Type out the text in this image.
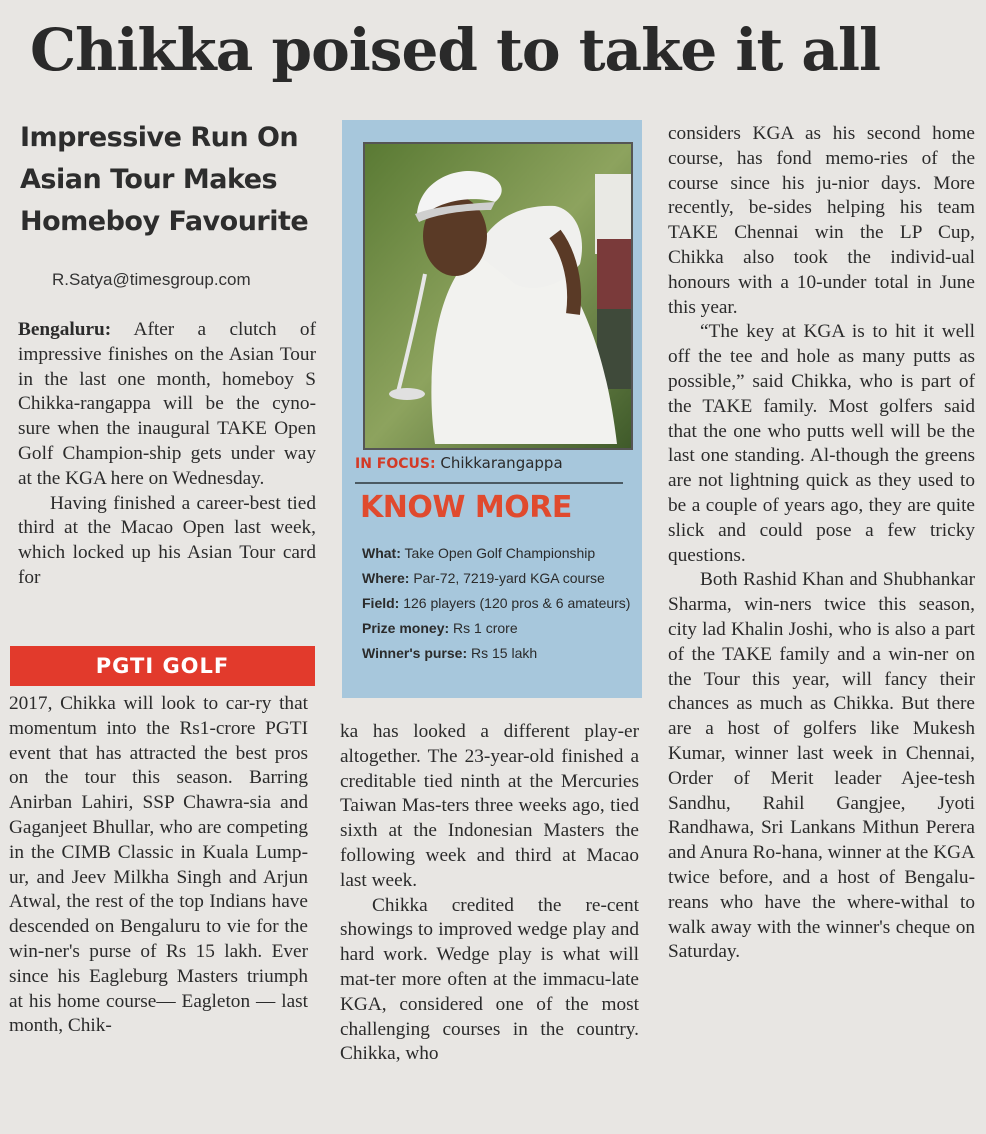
Chikka poised to take it all
Impressive Run On
Asian Tour Makes
Homeboy Favourite
R.Satya@timesgroup.com

Bengaluru: After a clutch of impressive finishes on the Asian Tour in the last one month, homeboy S Chikka-rangappa will be the cyno-sure when the inaugural TAKE Open Golf Champion-ship gets under way at the KGA here on Wednesday.

Having finished a career-best tied third at the Macao Open last week, which locked up his Asian Tour card for

PGTI GOLF

2017, Chikka will look to car-ry that momentum into the Rs1-crore PGTI event that has attracted the best pros on the tour this season. Barring Anirban Lahiri, SSP Chawra-sia and Gaganjeet Bhullar, who are competing in the CIMB Classic in Kuala Lump-ur, and Jeev Milkha Singh and Arjun Atwal, the rest of the top Indians have descended on Bengaluru to vie for the win-ner's purse of Rs 15 lakh. Ever since his Eagleburg Masters triumph at his home course— Eagleton — last month, Chik-

IN FOCUS: Chikkarangappa
KNOW MORE
What: Take Open Golf Championship
Where: Par-72, 7219-yard KGA course
Field: 126 players (120 pros & 6 amateurs)
Prize money: Rs 1 crore
Winner's purse: Rs 15 lakh

ka has looked a different play-er altogether. The 23-year-old finished a creditable tied ninth at the Mercuries Taiwan Mas-ters three weeks ago, tied sixth at the Indonesian Masters the following week and third at Macao last week.

Chikka credited the re-cent showings to improved wedge play and hard work. Wedge play is what will mat-ter more often at the immacu-late KGA, considered one of the most challenging courses in the country. Chikka, who

considers KGA as his second home course, has fond memo-ries of the course since his ju-nior days. More recently, be-sides helping his team TAKE Chennai win the LP Cup, Chikka also took the individ-ual honours with a 10-under total in June this year.

“The key at KGA is to hit it well off the tee and hole as many putts as possible,” said Chikka, who is part of the TAKE family. Most golfers said that the one who putts well will be the last one standing. Al-though the greens are not lightning quick as they used to be a couple of years ago, they are quite slick and could pose a few tricky questions.

Both Rashid Khan and Shubhankar Sharma, win-ners twice this season, city lad Khalin Joshi, who is also a part of the TAKE family and a win-ner on the Tour this year, will fancy their chances as much as Chikka. But there are a host of golfers like Mukesh Kumar, winner last week in Chennai, Order of Merit leader Ajee-tesh Sandhu, Rahil Gangjee, Jyoti Randhawa, Sri Lankans Mithun Perera and Anura Ro-hana, winner at the KGA twice before, and a host of Bengalu-reans who have the where-withal to walk away with the winner's cheque on Saturday.
